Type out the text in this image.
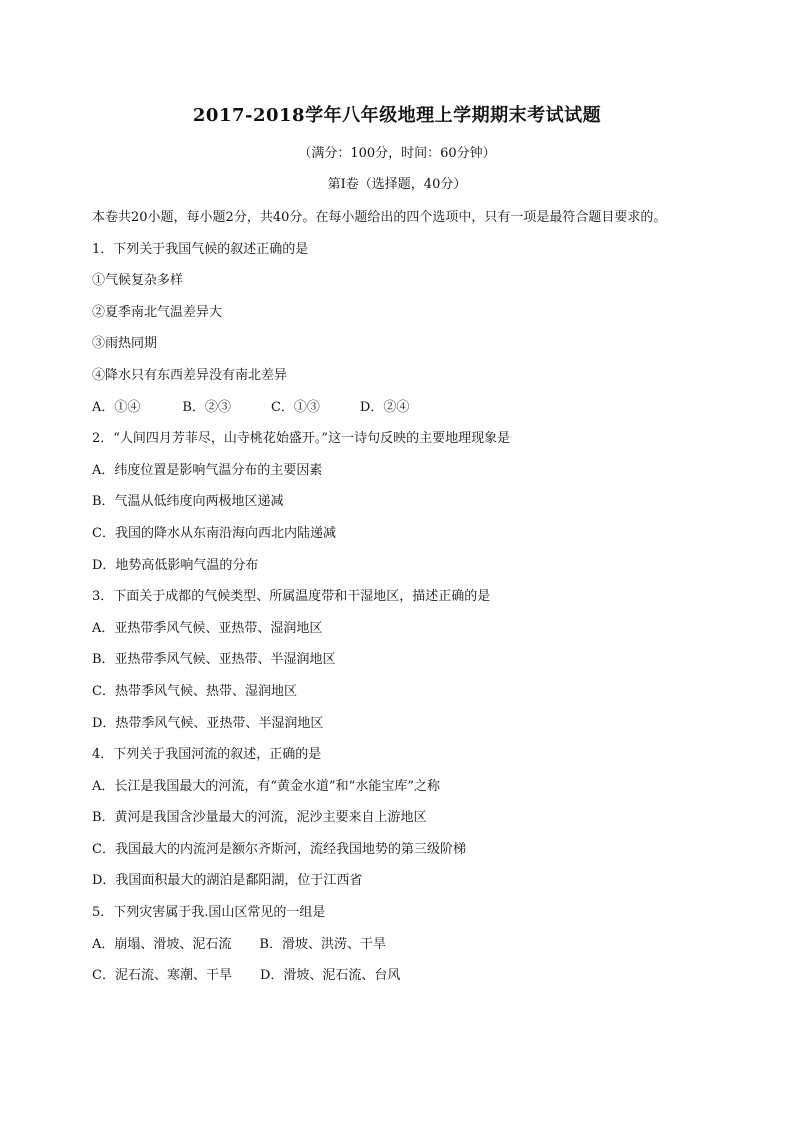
2017-2018学年八年级地理上学期期末考试试题
（满分：100分，时间：60分钟）
第Ⅰ卷（选择题，40分）
本卷共20小题，每小题2分，共40分。在每小题给出的四个选项中，只有一项是最符合题目要求的。
1．下列关于我国气候的叙述正确的是
①气候复杂多样
②夏季南北气温差异大
③雨热同期
④降水只有东西差异没有南北差异
A．①④	B．②③	C．①③	D．②④
2．“人间四月芳菲尽，山寺桃花始盛开。”这一诗句反映的主要地理现象是
A．纬度位置是影响气温分布的主要因素
B．气温从低纬度向两极地区递减
C．我国的降水从东南沿海向西北内陆递减
D．地势高低影响气温的分布
3．下面关于成都的气候类型、所属温度带和干湿地区，描述正确的是
A．亚热带季风气候、亚热带、湿润地区
B．亚热带季风气候、亚热带、半湿润地区
C．热带季风气候、热带、湿润地区
D．热带季风气候、亚热带、半湿润地区
4．下列关于我国河流的叙述，正确的是
A．长江是我国最大的河流，有“黄金水道”和“水能宝库”之称
B．黄河是我国含沙量最大的河流，泥沙主要来自上游地区
C．我国最大的内流河是额尔齐斯河，流经我国地势的第三级阶梯
D．我国面积最大的湖泊是鄱阳湖，位于江西省
5．下列灾害属于我.国山区常见的一组是
A．崩塌、滑坡、泥石流 B．滑坡、洪涝、干旱
C．泥石流、寒潮、干旱 D．滑坡、泥石流、台风
